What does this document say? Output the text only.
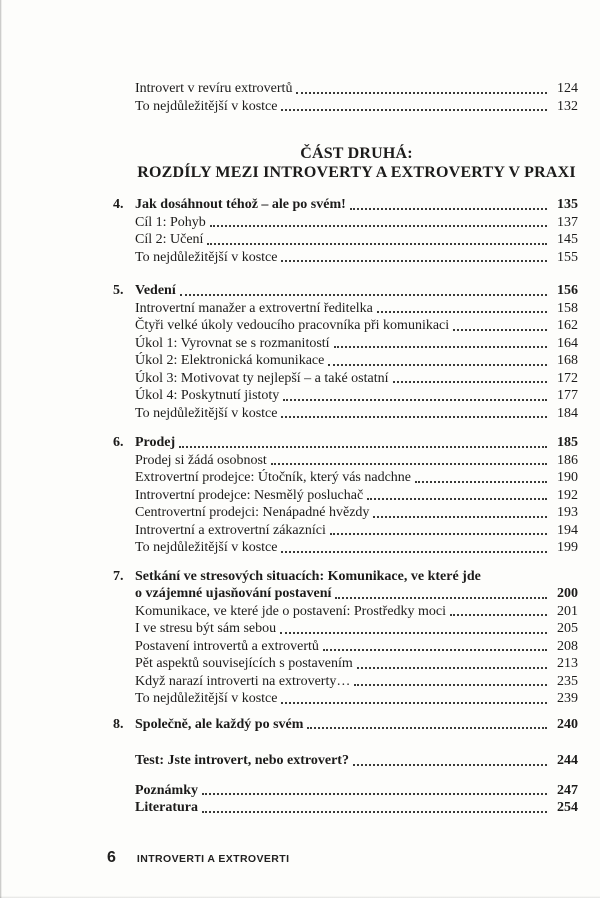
Introvert v revíru extrovertů	124
To nejdůležitější v kostce	132
ČÁST DRUHÁ:
ROZDÍLY MEZI INTROVERTY A EXTROVERTY V PRAXI
4. Jak dosáhnout téhož – ale po svém!	135
Cíl 1: Pohyb	137
Cíl 2: Učení	145
To nejdůležitější v kostce	155
5. Vedení	156
Introvertní manažer a extrovertní ředitelka	158
Čtyři velké úkoly vedoucího pracovníka při komunikaci	162
Úkol 1: Vyrovnat se s rozmanitostí	164
Úkol 2: Elektronická komunikace	168
Úkol 3: Motivovat ty nejlepší – a také ostatní	172
Úkol 4: Poskytnutí jistoty	177
To nejdůležitější v kostce	184
6. Prodej	185
Prodej si žádá osobnost	186
Extrovertní prodejce: Útočník, který vás nadchne	190
Introvertní prodejce: Nesmělý posluchač	192
Centrovertní prodejci: Nenápadné hvězdy	193
Introvertní a extrovertní zákazníci	194
To nejdůležitější v kostce	199
7. Setkání ve stresových situacích: Komunikace, ve které jde
o vzájemné ujasňování postavení	200
Komunikace, ve které jde o postavení: Prostředky moci	201
I ve stresu být sám sebou	205
Postavení introvertů a extrovertů	208
Pět aspektů souvisejících s postavením	213
Když narazí introverti na extroverty…	235
To nejdůležitější v kostce	239
8. Společně, ale každý po svém	240
Test: Jste introvert, nebo extrovert?	244
Poznámky	247
Literatura	254
6 INTROVERTI A EXTROVERTI
